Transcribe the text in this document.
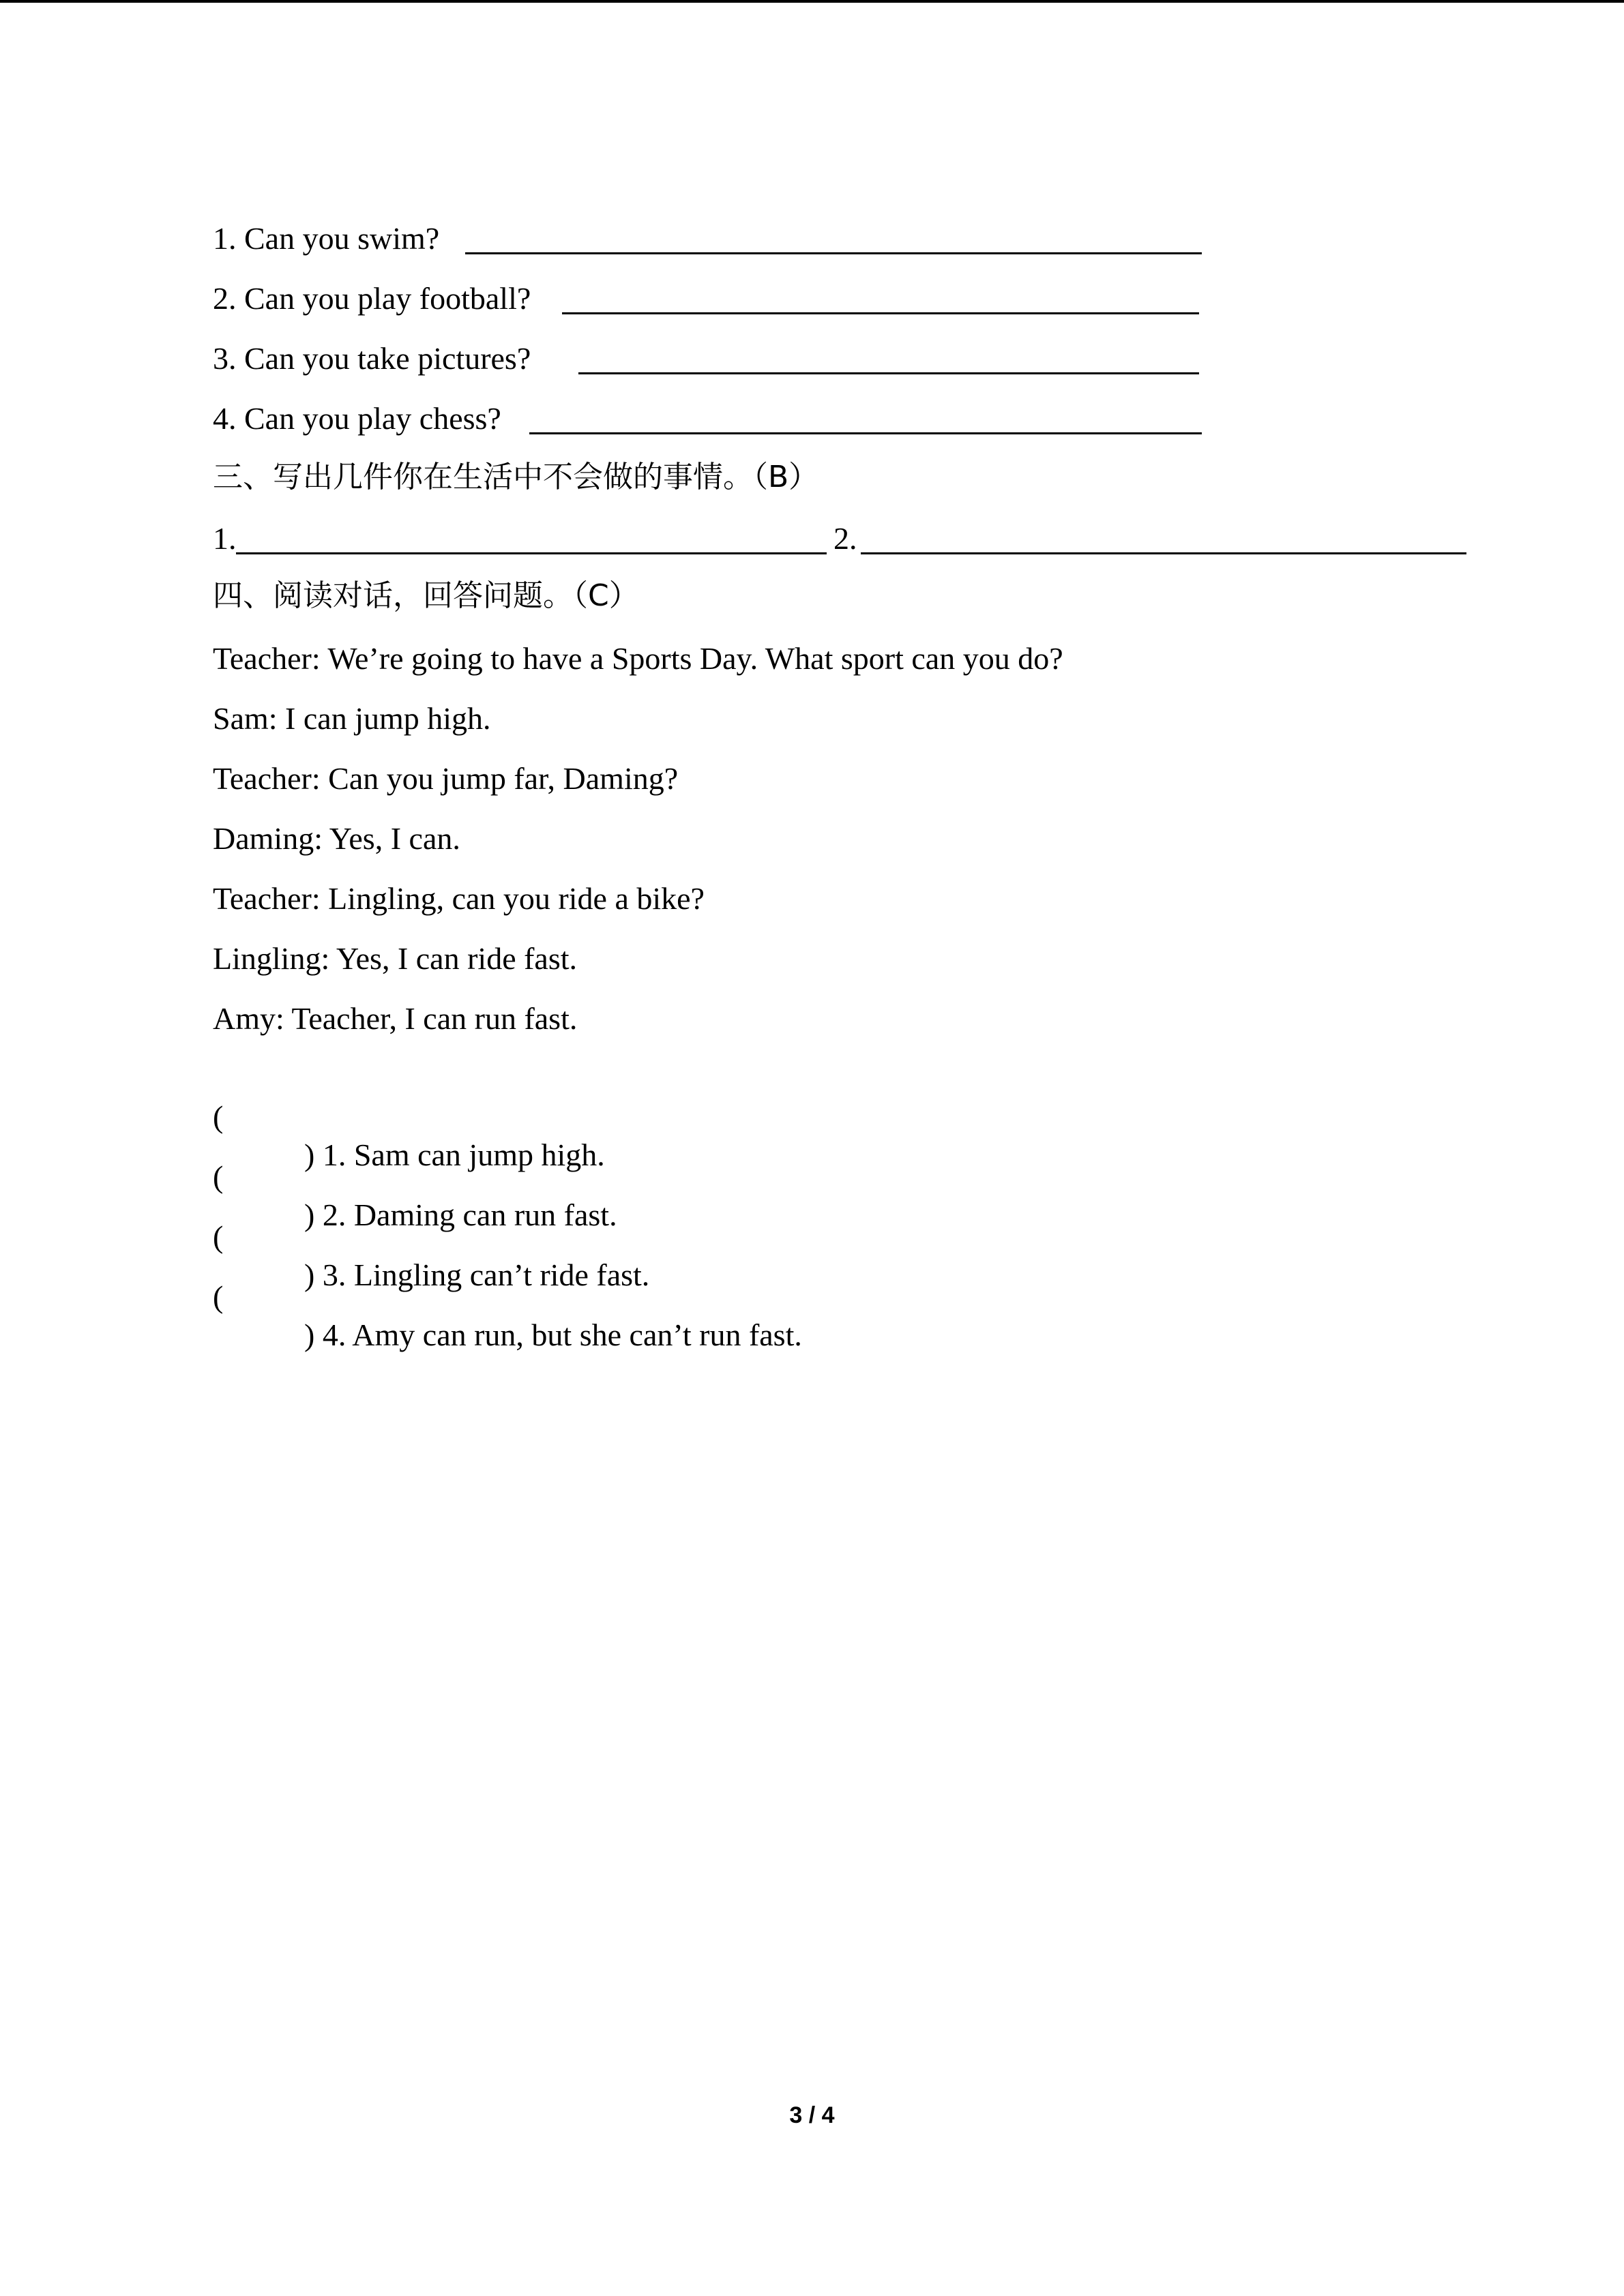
1. Can you swim?
2. Can you play football?
3. Can you take pictures?
4. Can you play chess?
三、写出几件你在生活中不会做的事情。（B）
1.	2.
四、阅读对话，回答问题。（C）
Teacher: We’re going to have a Sports Day. What sport can you do?
Sam: I can jump high.
Teacher: Can you jump far, Daming?
Daming: Yes, I can.
Teacher: Lingling, can you ride a bike?
Lingling: Yes, I can ride fast.
Amy: Teacher, I can run fast.

(

) 1. Sam can jump high.

(

) 2. Daming can run fast.

(

) 3. Lingling can’t ride fast.

(

) 4. Amy can run, but she can’t run fast.

3 / 4
